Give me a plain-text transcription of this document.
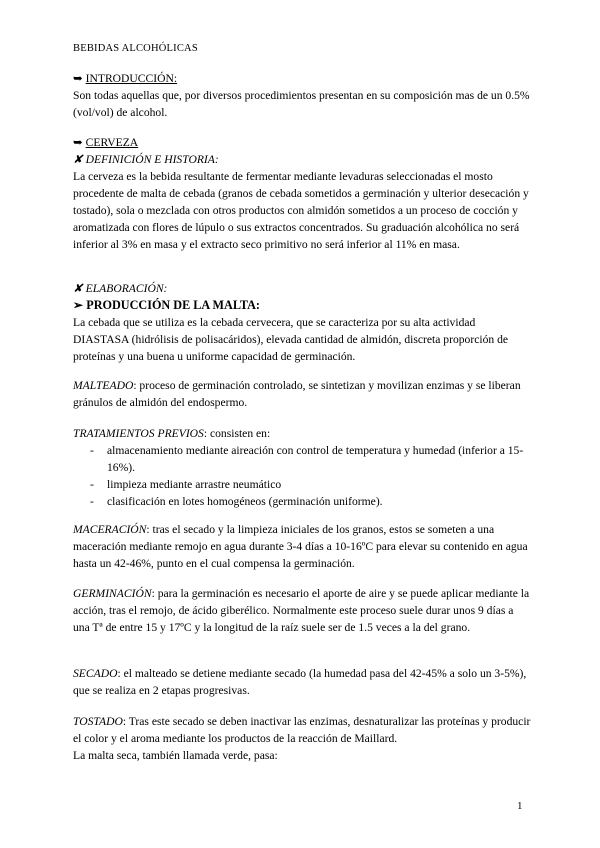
BEBIDAS ALCOHÓLICAS

➥ INTRODUCCIÓN:

Son todas aquellas que, por diversos procedimientos presentan en su composición mas de un 0.5% (vol/vol) de alcohol.

➥ CERVEZA

✘ DEFINICIÓN E HISTORIA:

La cerveza es la bebida resultante de fermentar mediante levaduras seleccionadas el mosto procedente de malta de cebada (granos de cebada sometidos a germinación y ulterior desecación y tostado), sola o mezclada con otros productos con almidón sometidos a un proceso de cocción y aromatizada con flores de lúpulo o sus extractos concentrados. Su graduación alcohólica no será inferior al 3% en masa y el extracto seco primitivo no será inferior al 11% en masa.

✘ ELABORACIÓN:

➢ PRODUCCIÓN DE LA MALTA:

La cebada que se utiliza es la cebada cervecera, que se caracteriza por su alta actividad DIASTASA (hidrólisis de polisacáridos), elevada cantidad de almidón, discreta proporción de proteínas y una buena u uniforme capacidad de germinación.

MALTEADO: proceso de germinación controlado, se sintetizan y movilizan enzimas y se liberan gránulos de almidón del endospermo.

TRATAMIENTOS PREVIOS: consisten en:

- almacenamiento mediante aireación con control de temperatura y humedad (inferior a 15-16%).
- limpieza mediante arrastre neumático
- clasificación en lotes homogéneos (germinación uniforme).

MACERACIÓN: tras el secado y la limpieza iniciales de los granos, estos se someten a una maceración mediante remojo en agua durante 3-4 días a 10-16ºC para elevar su contenido en agua hasta un 42-46%, punto en el cual compensa la germinación.

GERMINACIÓN: para la germinación es necesario el aporte de aire y se puede aplicar mediante la acción, tras el remojo, de ácido giberélico. Normalmente este proceso suele durar unos 9 días a una Tª de entre 15 y 17ºC y la longitud de la raíz suele ser de 1.5 veces a la del grano.

SECADO: el malteado se detiene mediante secado (la humedad pasa del 42-45% a solo un 3-5%), que se realiza en 2 etapas progresivas.

TOSTADO: Tras este secado se deben inactivar las enzimas, desnaturalizar las proteínas y producir el color y el aroma mediante los productos de la reacción de Maillard.

La malta seca, también llamada verde, pasa:

1
